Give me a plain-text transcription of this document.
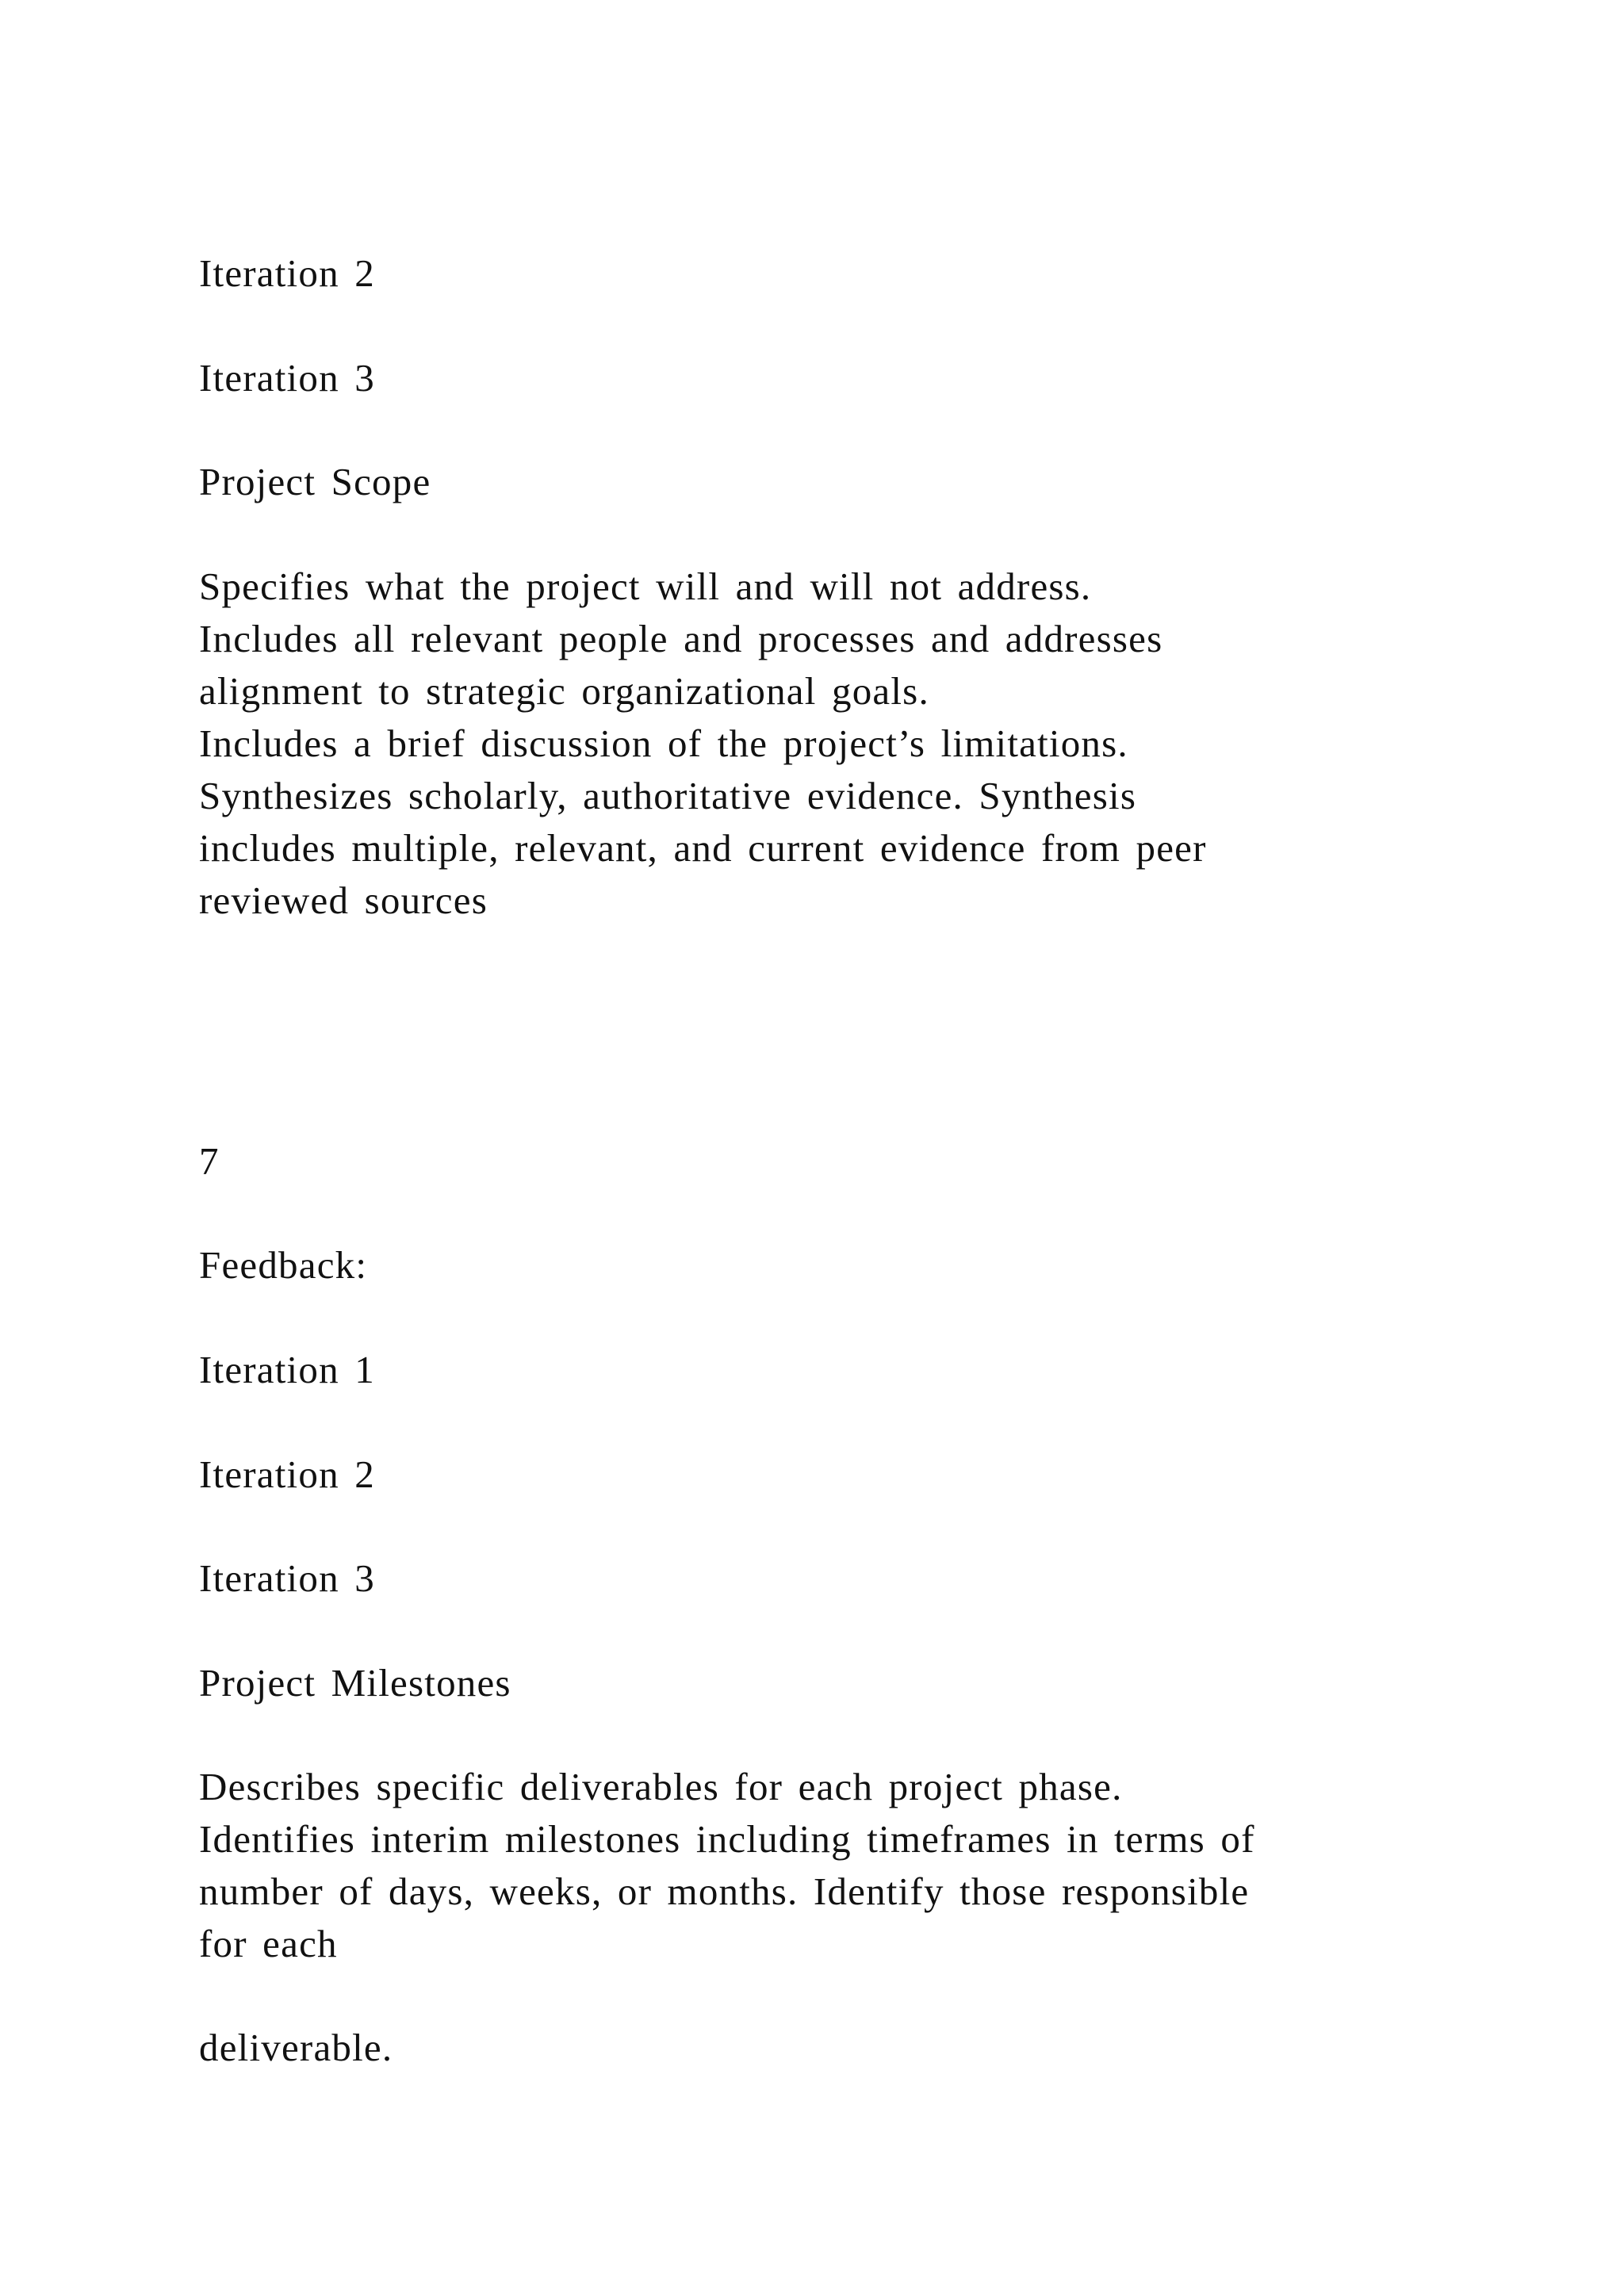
Iteration 2
Iteration 3
Project Scope
Specifies what the project will and will not address.
Includes all relevant people and processes and addresses
alignment to strategic organizational goals.
Includes a brief discussion of the project’s limitations.
Synthesizes scholarly, authoritative evidence. Synthesis
includes multiple, relevant, and current evidence from peer
reviewed sources
7
Feedback:
Iteration 1
Iteration 2
Iteration 3
Project Milestones
Describes specific deliverables for each project phase.
Identifies interim milestones including timeframes in terms of
number of days, weeks, or months. Identify those responsible
for each
deliverable.
